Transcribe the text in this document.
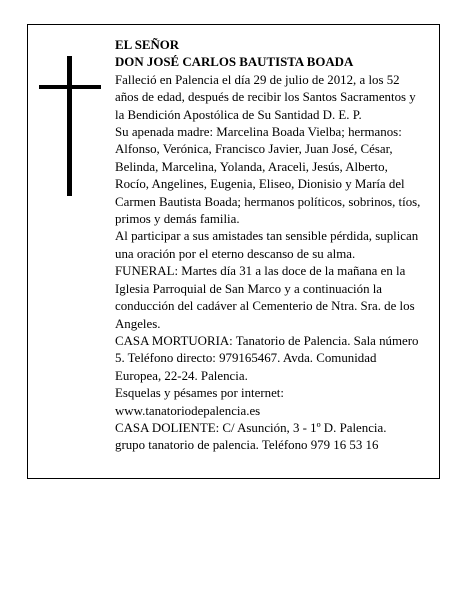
EL SEÑOR

DON JOSÉ CARLOS BAUTISTA BOADA

Falleció en Palencia el día 29 de julio de 2012, a los 52 años de edad, después de recibir los Santos Sacramentos y la Bendición Apostólica de Su Santidad D. E. P.

Su apenada madre: Marcelina Boada Vielba; hermanos: Alfonso, Verónica, Francisco Javier, Juan José, César, Belinda, Marcelina, Yolanda, Araceli, Jesús, Alberto, Rocío, Angelines, Eugenia, Eliseo, Dionisio y María del Carmen Bautista Boada; hermanos políticos, sobrinos, tíos, primos y demás familia.

Al participar a sus amistades tan sensible pérdida, suplican una oración por el eterno descanso de su alma.

FUNERAL: Martes día 31 a las doce de la mañana en la Iglesia Parroquial de San Marco y a continuación la conducción del cadáver al Cementerio de Ntra. Sra. de los Angeles.

CASA MORTUORIA: Tanatorio de Palencia. Sala número 5. Teléfono directo: 979165467. Avda. Comunidad Europea, 22-24. Palencia.

Esquelas y pésames por internet: www.tanatoriodepalencia.es

CASA DOLIENTE: C/ Asunción, 3 - 1º D. Palencia.

grupo tanatorio de palencia. Teléfono 979 16 53 16
